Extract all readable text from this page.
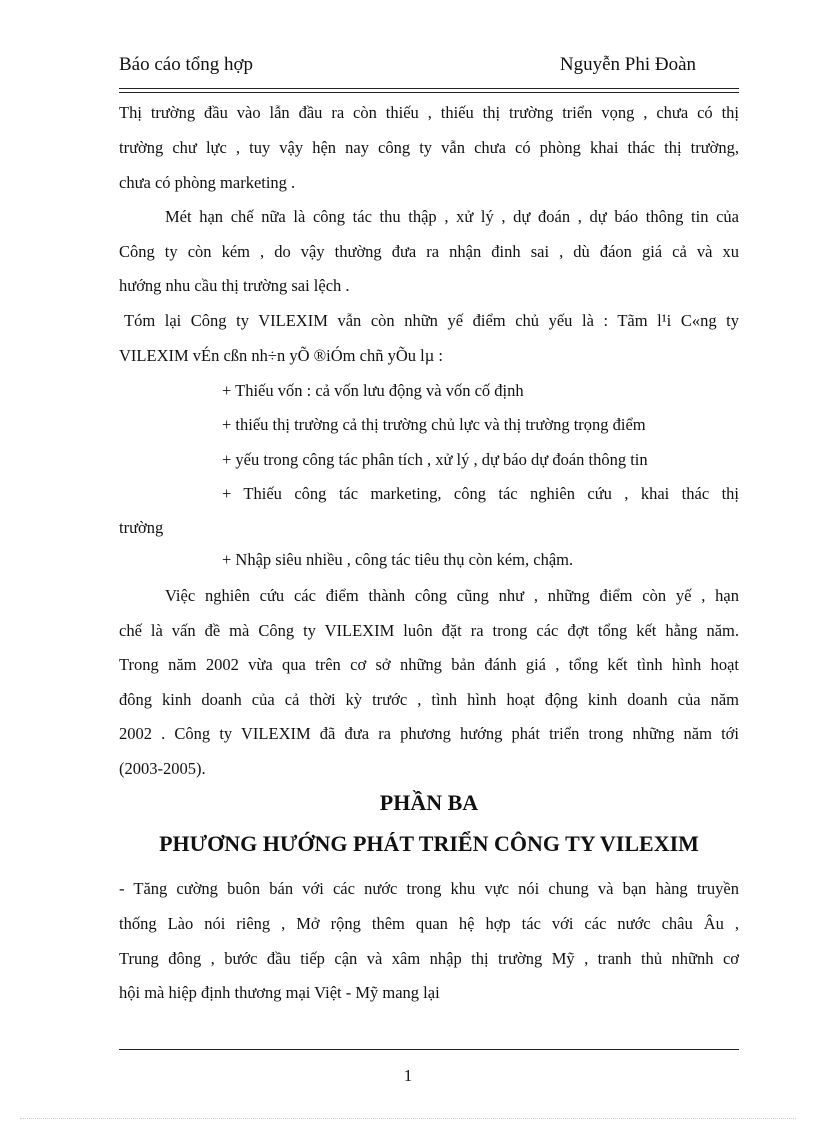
Báo cáo tổng hợp	Nguyễn Phi Đoàn
Thị trường đầu vào lẫn đầu ra còn thiếu , thiếu thị trường triển vọng , chưa có thị
trường chư lực , tuy vậy hện nay công ty vẫn chưa có phòng khai thác thị trường,
chưa có phòng marketing .
Mét hạn chế nữa là công tác thu thập , xử lý , dự đoán , dự báo thông tin của
Công ty còn kém , do vậy thường đưa ra nhận đinh sai , dù đáon giá cả và xu
hướng nhu cầu thị trường sai lệch .
Tóm lại Công ty VILEXIM vẫn còn nhữn yế điểm chủ yếu là : Tãm l¹i C«ng ty
VILEXIM vÉn cßn nh÷n yÕ ®iÓm chñ yÕu lµ :
+ Thiếu vốn : cả vốn lưu động và vốn cố định
+ thiếu thị trường cả thị trường chủ lực và thị trường trọng điểm
+ yếu trong công tác phân tích , xử lý , dự báo dự đoán thông tin
+ Thiếu công tác marketing, công tác nghiên cứu , khai thác thị
trường
+ Nhập siêu nhiều , công tác tiêu thụ còn kém, chậm.
Việc nghiên cứu các điểm thành công cũng như , những điểm còn yế , hạn
chế là vấn đề mà Công ty VILEXIM luôn đặt ra trong các đợt tổng kết hằng năm.
Trong năm 2002 vừa qua trên cơ sở những bản đánh giá , tổng kết tình hình hoạt
đông kinh doanh của cả thời kỳ trước , tình hình hoạt động kinh doanh của năm
2002 . Công ty VILEXIM đã đưa ra phương hướng phát triển trong những năm tới
(2003-2005).
PHẦN BA
PHƯƠNG HƯỚNG PHÁT TRIỂN CÔNG TY VILEXIM
- Tăng cường buôn bán với các nước trong khu vực nói chung và bạn hàng truyền
thống Lào nói riêng , Mở rộng thêm quan hệ hợp tác với các nước châu Âu ,
Trung đông , bước đầu tiếp cận và xâm nhập thị trường Mỹ , tranh thủ nhữnh cơ
hội mà hiệp định thương mại Việt - Mỹ mang lại
1
